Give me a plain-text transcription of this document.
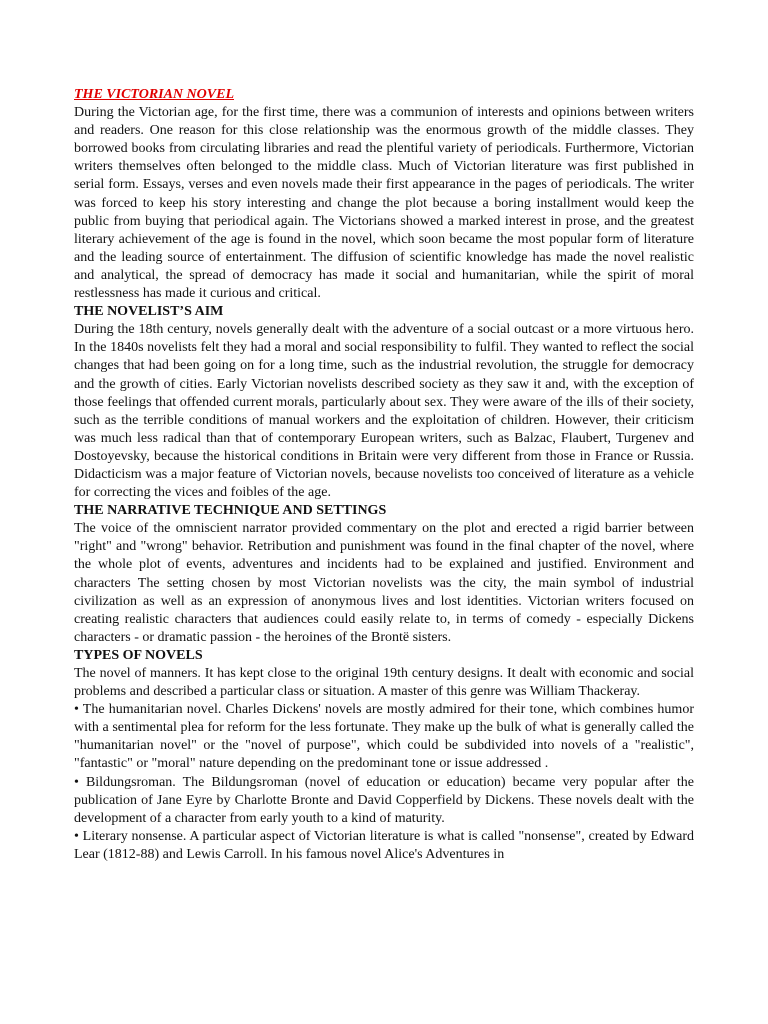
THE VICTORIAN NOVEL

During the Victorian age, for the first time, there was a communion of interests and opinions between writers and readers. One reason for this close relationship was the enormous growth of the middle classes. They borrowed books from circulating libraries and read the plentiful variety of periodicals. Furthermore, Victorian writers themselves often belonged to the middle class. Much of Victorian literature was first published in serial form. Essays, verses and even novels made their first appearance in the pages of periodicals. The writer was forced to keep his story interesting and change the plot because a boring installment would keep the public from buying that periodical again. The Victorians showed a marked interest in prose, and the greatest literary achievement of the age is found in the novel, which soon became the most popular form of literature and the leading source of entertainment. The diffusion of scientific knowledge has made the novel realistic and analytical, the spread of democracy has made it social and humanitarian, while the spirit of moral restlessness has made it curious and critical.

THE NOVELIST’S AIM

During the 18th century, novels generally dealt with the adventure of a social outcast or a more virtuous hero. In the 1840s novelists felt they had a moral and social responsibility to fulfil. They wanted to reflect the social changes that had been going on for a long time, such as the industrial revolution, the struggle for democracy and the growth of cities. Early Victorian novelists described society as they saw it and, with the exception of those feelings that offended current morals, particularly about sex. They were aware of the ills of their society, such as the terrible conditions of manual workers and the exploitation of children. However, their criticism was much less radical than that of contemporary European writers, such as Balzac, Flaubert, Turgenev and Dostoyevsky, because the historical conditions in Britain were very different from those in France or Russia. Didacticism was a major feature of Victorian novels, because novelists too conceived of literature as a vehicle for correcting the vices and foibles of the age.

THE NARRATIVE TECHNIQUE AND SETTINGS

The voice of the omniscient narrator provided commentary on the plot and erected a rigid barrier between "right" and "wrong" behavior. Retribution and punishment was found in the final chapter of the novel, where the whole plot of events, adventures and incidents had to be explained and justified. Environment and characters The setting chosen by most Victorian novelists was the city, the main symbol of industrial civilization as well as an expression of anonymous lives and lost identities. Victorian writers focused on creating realistic characters that audiences could easily relate to, in terms of comedy - especially Dickens characters - or dramatic passion - the heroines of the Brontë sisters.

TYPES OF NOVELS

The novel of manners. It has kept close to the original 19th century designs. It dealt with economic and social problems and described a particular class or situation. A master of this genre was William Thackeray.

• The humanitarian novel. Charles Dickens' novels are mostly admired for their tone, which combines humor with a sentimental plea for reform for the less fortunate. They make up the bulk of what is generally called the "humanitarian novel" or the "novel of purpose", which could be subdivided into novels of a "realistic", "fantastic" or "moral" nature depending on the predominant tone or issue addressed .

• Bildungsroman. The Bildungsroman (novel of education or education) became very popular after the publication of Jane Eyre by Charlotte Bronte and David Copperfield by Dickens. These novels dealt with the development of a character from early youth to a kind of maturity.

• Literary nonsense. A particular aspect of Victorian literature is what is called "nonsense", created by Edward Lear (1812-88) and Lewis Carroll. In his famous novel Alice's Adventures in
